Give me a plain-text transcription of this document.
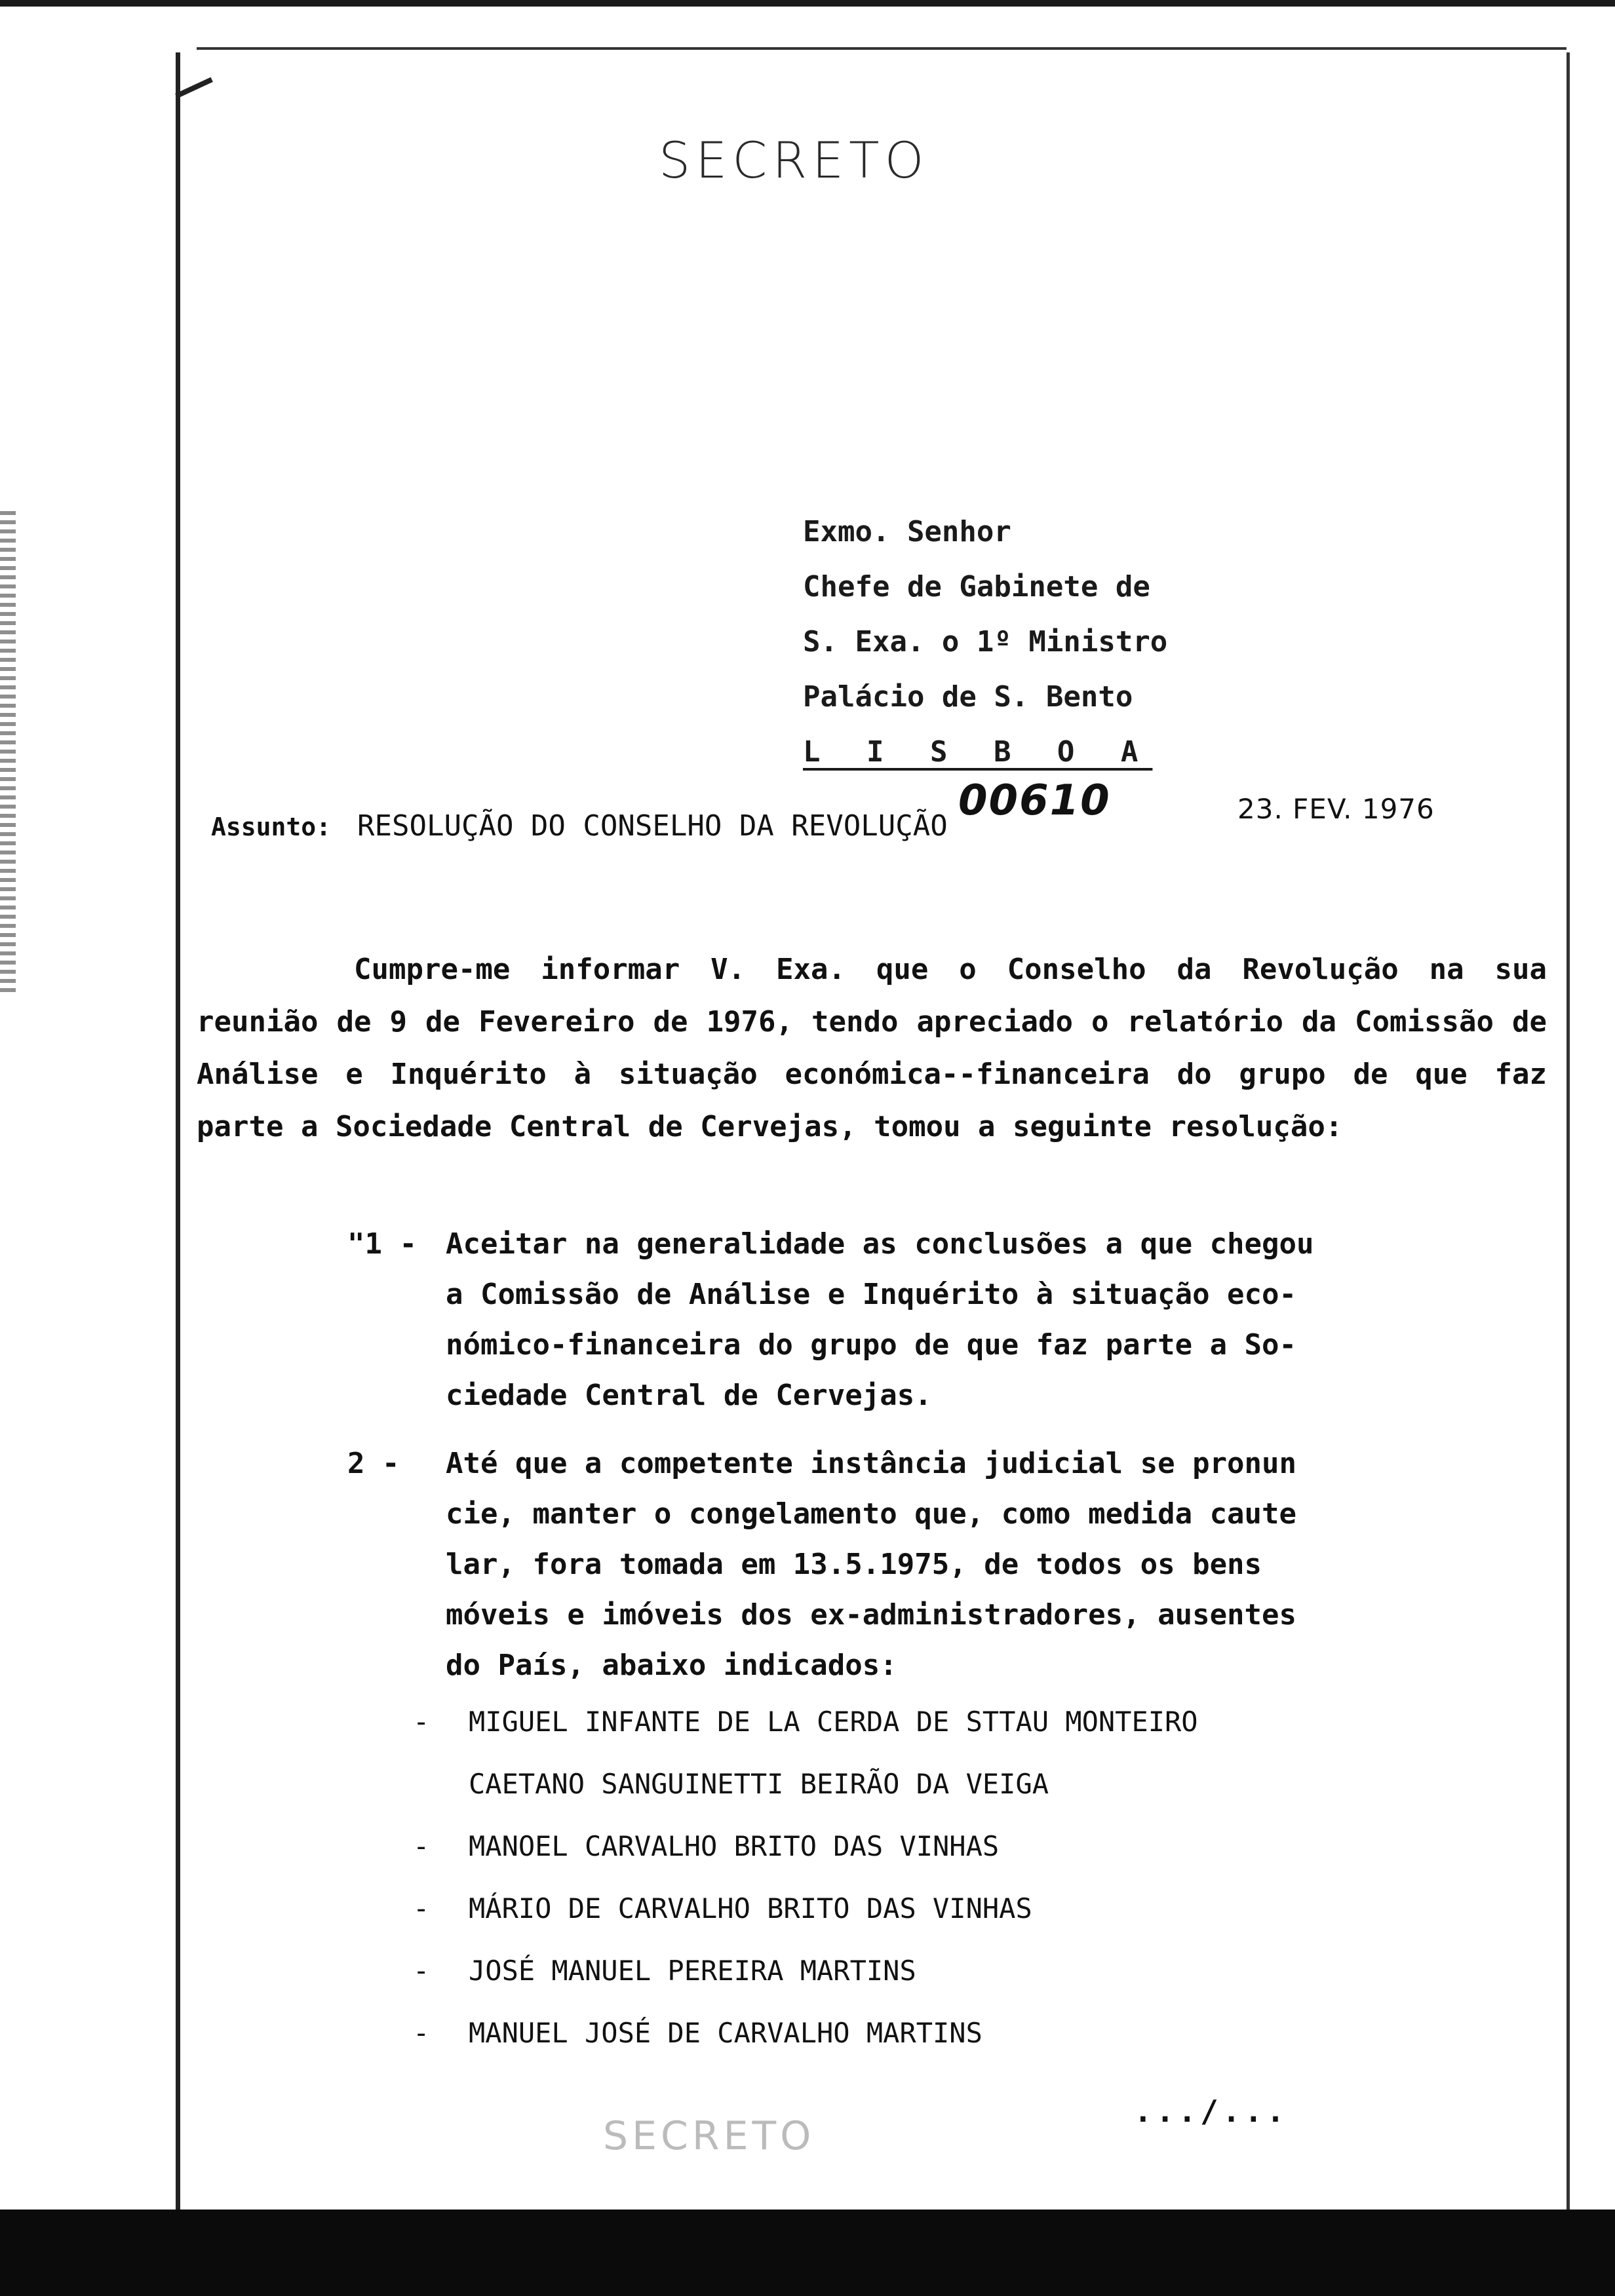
SECRETO
Exmo. Senhor
Chefe de Gabinete de
S. Exa. o 1º Ministro
Palácio de S. Bento
L I S B O A
00610	23. FEV. 1976
Assunto: RESOLUÇÃO DO CONSELHO DA REVOLUÇÃO
Cumpre-me informar V. Exa. que o Conselho da Revolução na sua reunião de 9 de Fevereiro de 1976, tendo apreciado o relatório da Comissão de Análise e Inquérito à situação económica--financeira do grupo de que faz parte a Sociedade Central de Cervejas, tomou a seguinte resolução:
"1 - Aceitar na generalidade as conclusões a que chegou
a Comissão de Análise e Inquérito à situação eco-
nómico-financeira do grupo de que faz parte a So-
ciedade Central de Cervejas.
2 - Até que a competente instância judicial se pronun
cie, manter o congelamento que, como medida caute
lar, fora tomada em 13.5.1975, de todos os bens
móveis e imóveis dos ex-administradores, ausentes
do País, abaixo indicados:
- MIGUEL INFANTE DE LA CERDA DE STTAU MONTEIRO
CAETANO SANGUINETTI BEIRÃO DA VEIGA
- MANOEL CARVALHO BRITO DAS VINHAS
- MÁRIO DE CARVALHO BRITO DAS VINHAS
- JOSÉ MANUEL PEREIRA MARTINS
- MANUEL JOSÉ DE CARVALHO MARTINS
.../...
SECRETO
